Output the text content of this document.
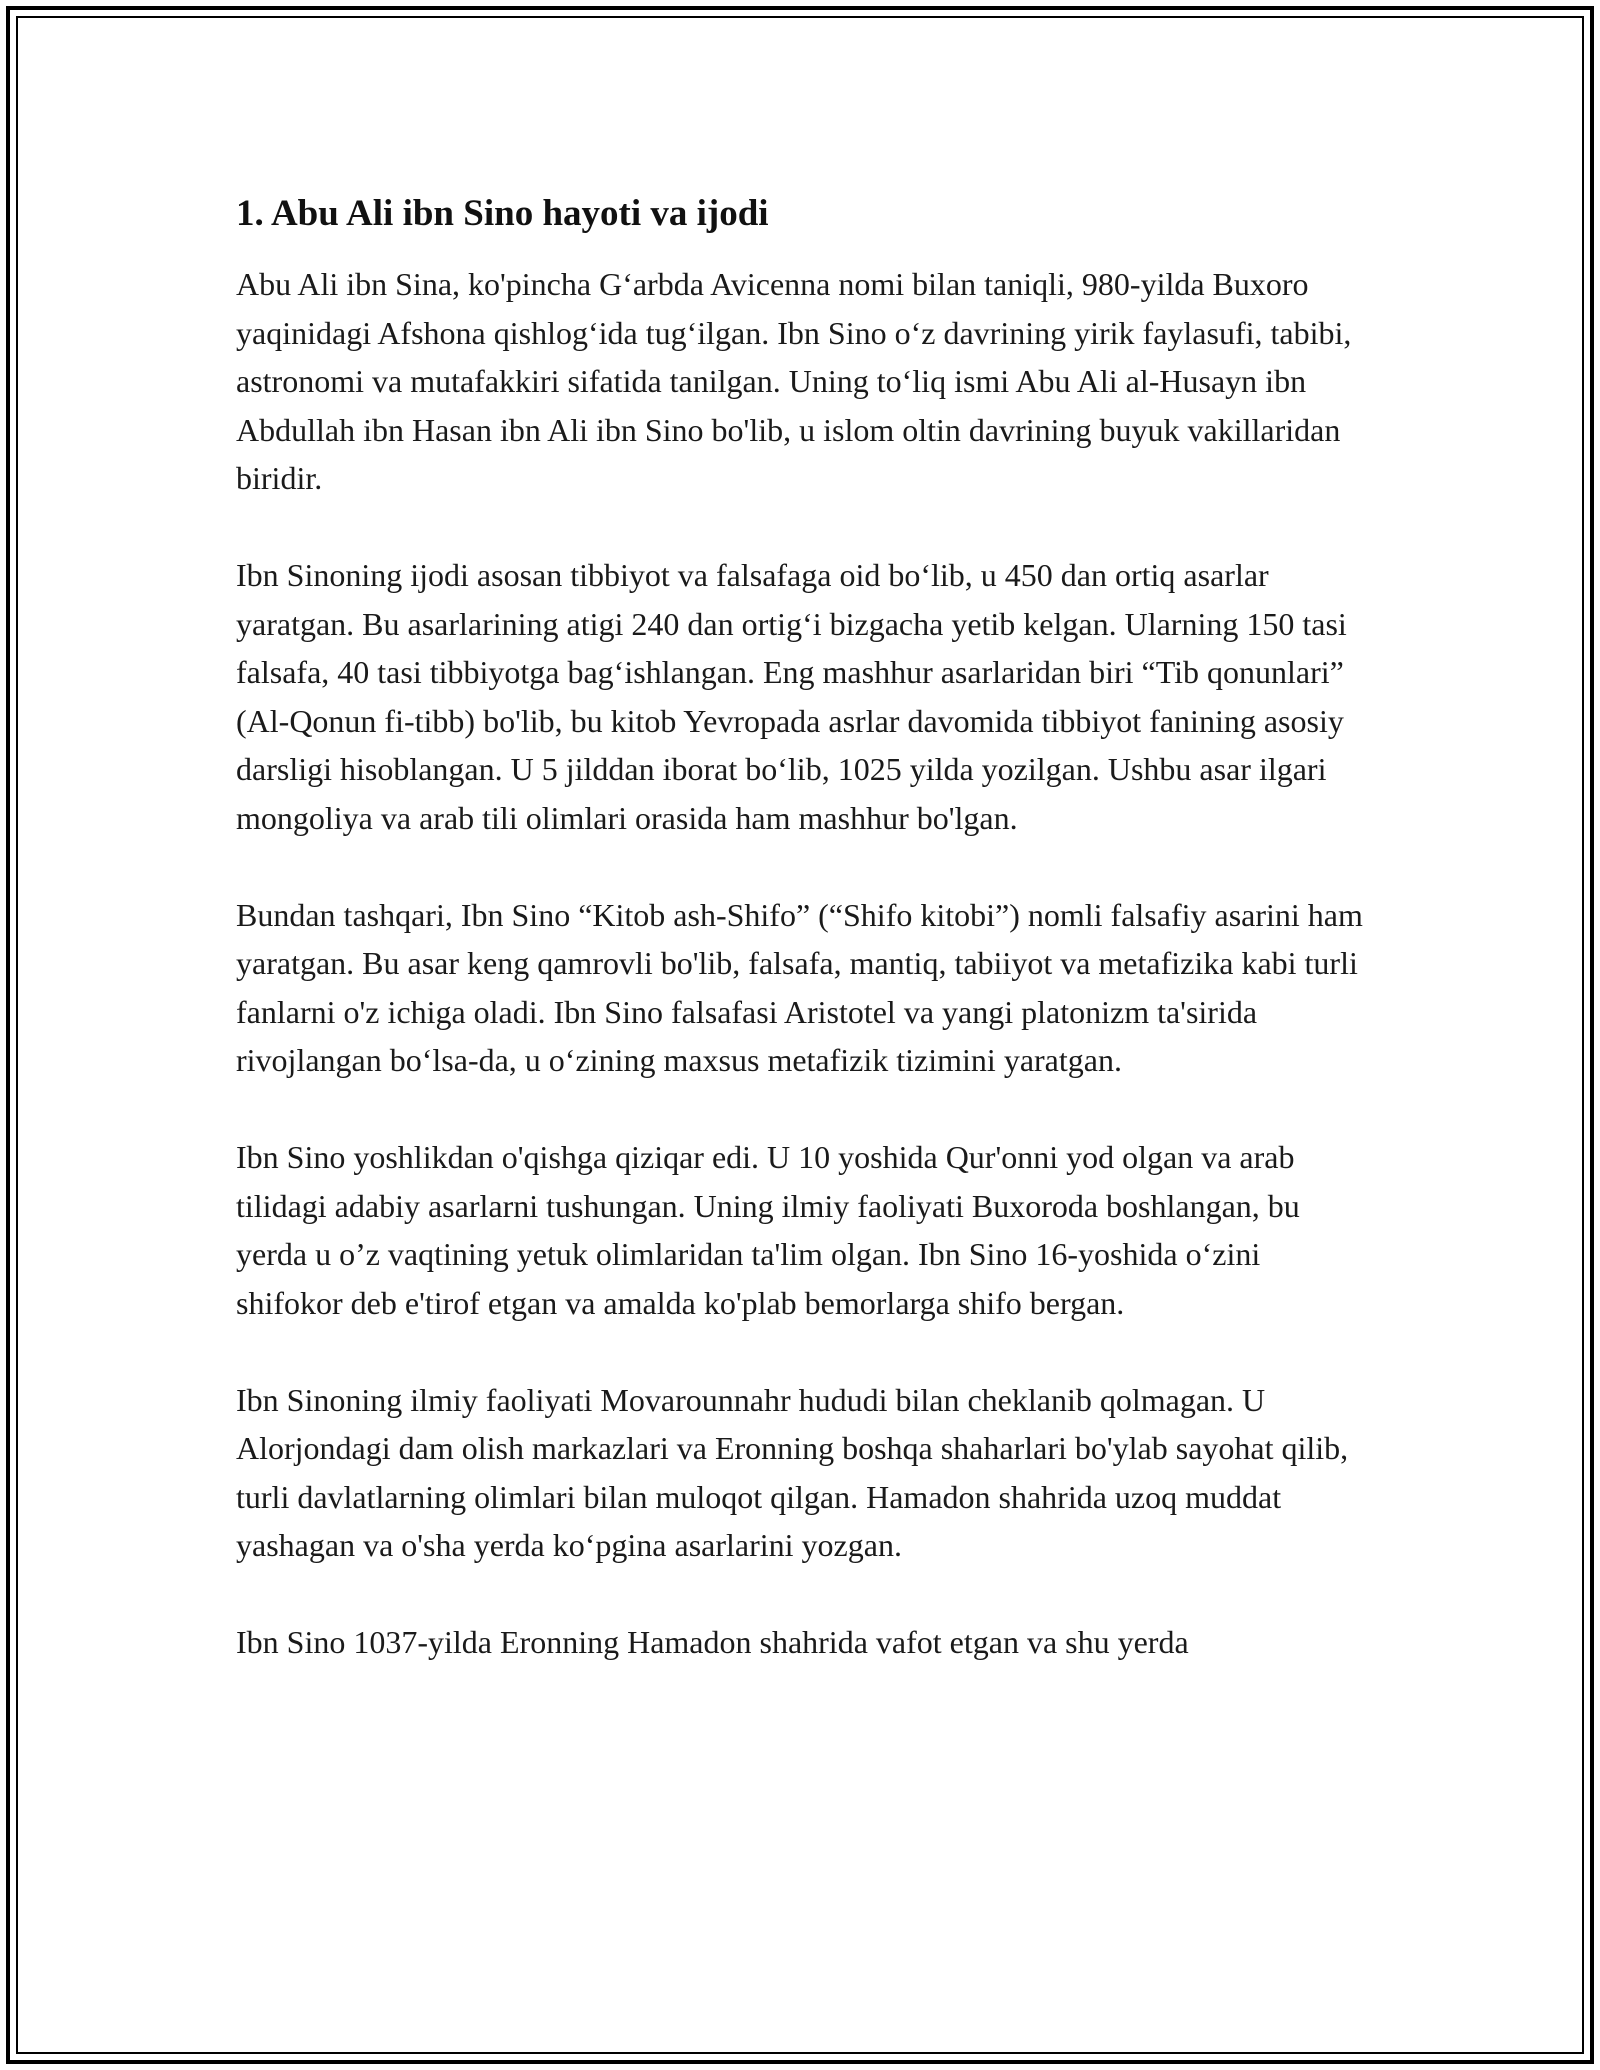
1. Abu Ali ibn Sino hayoti va ijodi

Abu Ali ibn Sina, ko'pincha G‘arbda Avicenna nomi bilan taniqli, 980-yilda Buxoro yaqinidagi Afshona qishlog‘ida tug‘ilgan. Ibn Sino o‘z davrining yirik faylasufi, tabibi, astronomi va mutafakkiri sifatida tanilgan. Uning to‘liq ismi Abu Ali al-Husayn ibn Abdullah ibn Hasan ibn Ali ibn Sino bo'lib, u islom oltin davrining buyuk vakillaridan biridir.

Ibn Sinoning ijodi asosan tibbiyot va falsafaga oid bo‘lib, u 450 dan ortiq asarlar yaratgan. Bu asarlarining atigi 240 dan ortig‘i bizgacha yetib kelgan. Ularning 150 tasi falsafa, 40 tasi tibbiyotga bag‘ishlangan. Eng mashhur asarlaridan biri “Tib qonunlari” (Al-Qonun fi-tibb) bo'lib, bu kitob Yevropada asrlar davomida tibbiyot fanining asosiy darsligi hisoblangan. U 5 jilddan iborat bo‘lib, 1025 yilda yozilgan. Ushbu asar ilgari mongoliya va arab tili olimlari orasida ham mashhur bo'lgan.

Bundan tashqari, Ibn Sino “Kitob ash-Shifo” (“Shifo kitobi”) nomli falsafiy asarini ham yaratgan. Bu asar keng qamrovli bo'lib, falsafa, mantiq, tabiiyot va metafizika kabi turli fanlarni o'z ichiga oladi. Ibn Sino falsafasi Aristotel va yangi platonizm ta'sirida rivojlangan bo‘lsa-da, u o‘zining maxsus metafizik tizimini yaratgan.

Ibn Sino yoshlikdan o'qishga qiziqar edi. U 10 yoshida Qur'onni yod olgan va arab tilidagi adabiy asarlarni tushungan. Uning ilmiy faoliyati Buxoroda boshlangan, bu yerda u o’z vaqtining yetuk olimlaridan ta'lim olgan. Ibn Sino 16-yoshida o‘zini shifokor deb e'tirof etgan va amalda ko'plab bemorlarga shifo bergan.

Ibn Sinoning ilmiy faoliyati Movarounnahr hududi bilan cheklanib qolmagan. U Alorjondagi dam olish markazlari va Eronning boshqa shaharlari bo'ylab sayohat qilib, turli davlatlarning olimlari bilan muloqot qilgan. Hamadon shahrida uzoq muddat yashagan va o'sha yerda ko‘pgina asarlarini yozgan.

Ibn Sino 1037-yilda Eronning Hamadon shahrida vafot etgan va shu yerda
